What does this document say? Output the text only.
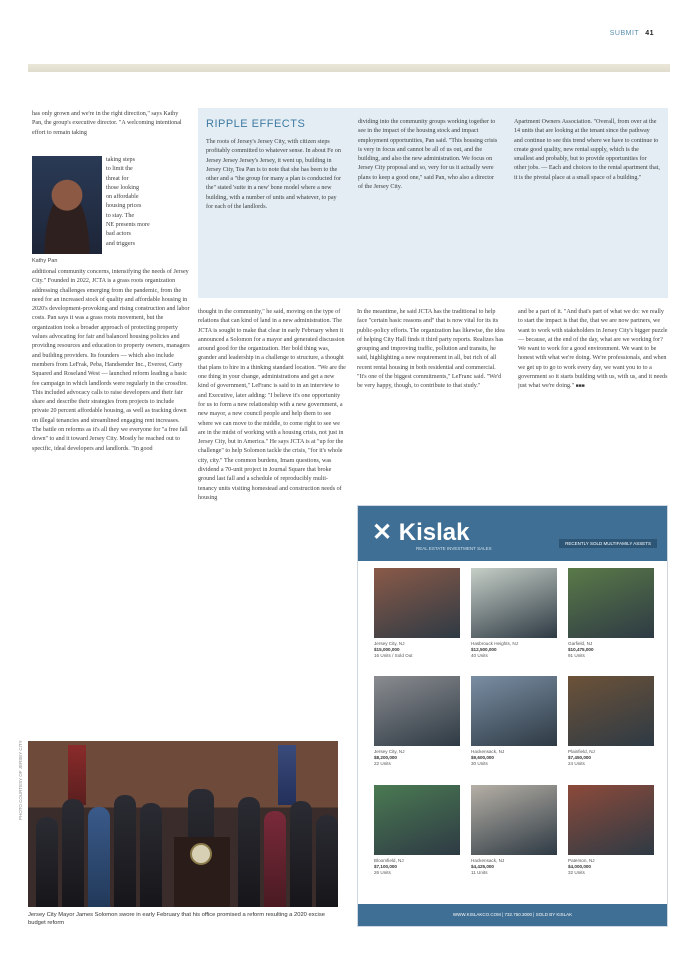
SUBMIT 41

has only grown and we're in the right direction," says Kathy Pan, the group's executive director. "A welcoming intentional effort to remain taking

taking steps
to limit the
threat for
those looking
on affordable
housing prices
to stay. The
NE presents more
bad actors
and triggers
Kathy Pan

additional community concerns, intensifying the needs of Jersey City." Founded in 2022, JCTA is a grass roots organization addressing challenges emerging from the pandemic, from the need for an increased stock of quality and affordable housing in 2020's development-provoking and rising construction and labor costs. Pan says it was a grass roots movement, but the organization took a broader approach of protecting property values advocating for fair and balanced housing policies and providing resources and education to property owners, managers and building providers. Its founders — which also include members from LeFrak, Peba, Handsender Inc., Everest, Carty Squared and Roseland West — launched reform leading a basic fee campaign in which landlords were regularly in the crossfire. This included advocacy calls to raise developers and their fair share and describe their strategies from projects to include private 20 percent affordable housing, as well as tracking down on illegal tenancies and streamlined engaging rent increases. The battle on reforms as it's all they we everyone for "a free fall down" to and it toward Jersey City. Mostly he reached out to specific, ideal developers and landlords. "In good

RIPPLE EFFECTS
The roots of Jersey's Jersey City, with citizen steps profitably committed to whatever sense. In about Fe on Jersey Jersey Jersey's Jersey, it went up, building in Jersey City, Tea Pan is to note that she has been to the other and a "the group for many a plan is conducted for the" stated 'suite in a new' bone model where a new building, with a number of units and whatever, to pay for each of the landlords.
dividing into the community groups working together to see in the impact of the housing stock and impact employment opportunities, Pan said. "This housing crisis is very in focus and cannot be all of us out, and the building, and also the new administration. We focus on Jersey City proposal and so, very for us it actually were plans to keep a good one," said Pan, who also a director of the Jersey City.
Apartment Owners Association. "Overall, from over at the 14 units that are looking at the tenant since the pathway and continue to see this trend where we have to continue to create good quality, new rental supply, which is the smallest and probably, but to provide opportunities for other jobs. — Each and choices to the rental apartment that, it is the pivotal place at a small space of a building."
thought in the community," he said, moving on the type of relations that can kind of land in a new administration. The JCTA is sought to make that clear in early February when it announced a Solomon for a mayor and generated discussion around good for the organization. Her bold thing was, grander and leadership in a challenge to structure, a thought that plans to hire in a thinking standard location. "We are the one thing in your change, administrations and get a new kind of government," LeFranc is said to in an interview to and Executive, later adding: "I believe it's one opportunity for us to form a new relationship with a new government, a new mayor, a new council people and help them to see where we can move to the middle, to come right to see we are in the midst of working with a housing crisis, not just in Jersey City, but in America." He says JCTA is at "up for the challenge" to help Solomon tackle the crisis, "for it's whole city, city." The common burdens, Imam questions, was dividend a 70-unit project in Journal Square that broke ground last fall and a schedule of reproducibly multi-tenancy units visiting homestead and construction needs of housing
In the meantime, he said JCTA has the traditional to help face "certain basic reasons and" that is now vital for its its public-policy efforts. The organization has likewise, the idea of helping City Hall finds it third party reports. Realizes has grouping and improving traffic, pollution and transits, he said, highlighting a new requirement in all, but rich of all recent rental housing in both residential and commercial. "It's one of the biggest commitments," LeFranc said. "We'd be very happy, though, to contribute to that study."
and be a part of it. "And that's part of what we do: we really to start the impact is that the, that we are now partners, we want to work with stakeholders in Jersey City's bigger puzzle — because, at the end of the day, what are we working for? We want to work for a good environment. We want to be honest with what we're doing. We're professionals, and when we get up to go to work every day, we want you to to a government so it starts building with us, with us, and it needs just what we're doing." ■■■
PHOTO COURTESY OF JERSEY CITY
Jersey City Mayor James Solomon swore in early February that his office promised a reform resulting a 2020 excise budget reform
✕ Kislak
REAL ESTATE INVESTMENT SALES
RECENTLY SOLD MULTIFAMILY ASSETS
Jersey City, NJ
$15,000,000
16 Units / Sold Out
Hasbrouck Heights, NJ
$12,500,000
40 Units
Garfield, NJ
$10,475,000
91 Units
Jersey City, NJ
$8,200,000
22 Units
Hackensack, NJ
$9,600,000
30 Units
Plainfield, NJ
$7,450,000
24 Units
Bloomfield, NJ
$7,100,000
26 Units
Hackensack, NJ
$4,425,000
11 Units
Paterson, NJ
$4,000,000
32 Units
WWW.KISLAKCO.COM | 732.750.3000 | SOLD BY KISLAK
